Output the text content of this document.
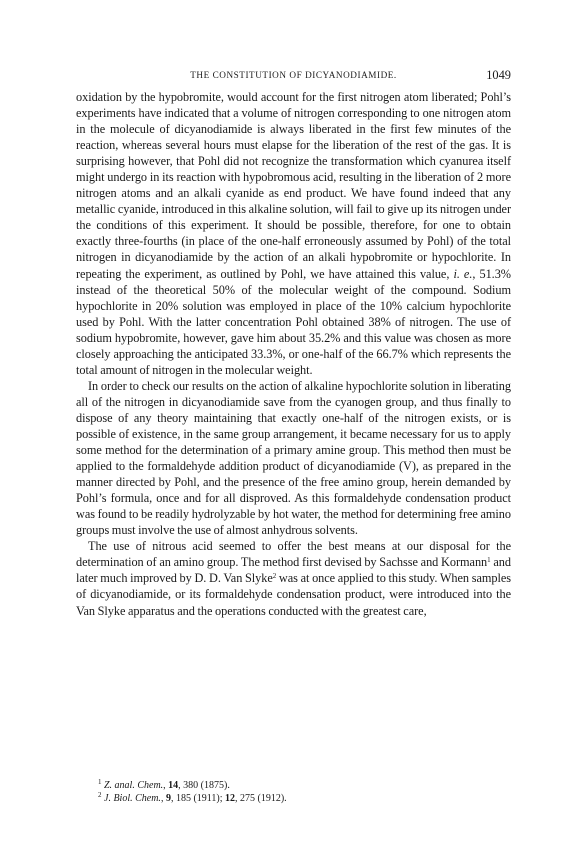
THE CONSTITUTION OF DICYANODIAMIDE.	1049

oxidation by the hypobromite, would account for the first nitrogen atom liberated; Pohl’s experiments have indicated that a volume of nitrogen corresponding to one nitrogen atom in the molecule of dicyanodiamide is always liberated in the first few minutes of the reaction, whereas several hours must elapse for the liberation of the rest of the gas. It is surprising however, that Pohl did not recognize the transformation which cyanurea itself might undergo in its reaction with hypobromous acid, resulting in the liberation of 2 more nitrogen atoms and an alkali cyanide as end product. We have found indeed that any metallic cyanide, introduced in this alkaline solution, will fail to give up its nitrogen under the conditions of this experiment. It should be possible, therefore, for one to obtain exactly three-fourths (in place of the one-half erroneously assumed by Pohl) of the total nitrogen in dicyanodiamide by the action of an alkali hypobromite or hypochlorite. In repeating the experiment, as outlined by Pohl, we have attained this value, i. e., 51.3% instead of the theoretical 50% of the molecular weight of the compound. Sodium hypochlorite in 20% solution was employed in place of the 10% calcium hypochlorite used by Pohl. With the latter concentration Pohl obtained 38% of nitrogen. The use of sodium hypobromite, however, gave him about 35.2% and this value was chosen as more closely approaching the anticipated 33.3%, or one-half of the 66.7% which represents the total amount of nitrogen in the molecular weight.

In order to check our results on the action of alkaline hypochlorite solution in liberating all of the nitrogen in dicyanodiamide save from the cyanogen group, and thus finally to dispose of any theory maintaining that exactly one-half of the nitrogen exists, or is possible of existence, in the same group arrangement, it became necessary for us to apply some method for the determination of a primary amine group. This method then must be applied to the formaldehyde addition product of dicyanodiamide (V), as prepared in the manner directed by Pohl, and the presence of the free amino group, herein demanded by Pohl’s formula, once and for all disproved. As this formaldehyde condensation product was found to be readily hydrolyzable by hot water, the method for determining free amino groups must involve the use of almost anhydrous solvents.

The use of nitrous acid seemed to offer the best means at our disposal for the determination of an amino group. The method first devised by Sachsse and Kormann$^1$ and later much improved by D. D. Van Slyke$^2$ was at once applied to this study. When samples of dicyanodiamide, or its formaldehyde condensation product, were introduced into the Van Slyke apparatus and the operations conducted with the greatest care,

$^1$ Z. anal. Chem., 14, 380 (1875).
$^2$ J. Biol. Chem., 9, 185 (1911); 12, 275 (1912).
